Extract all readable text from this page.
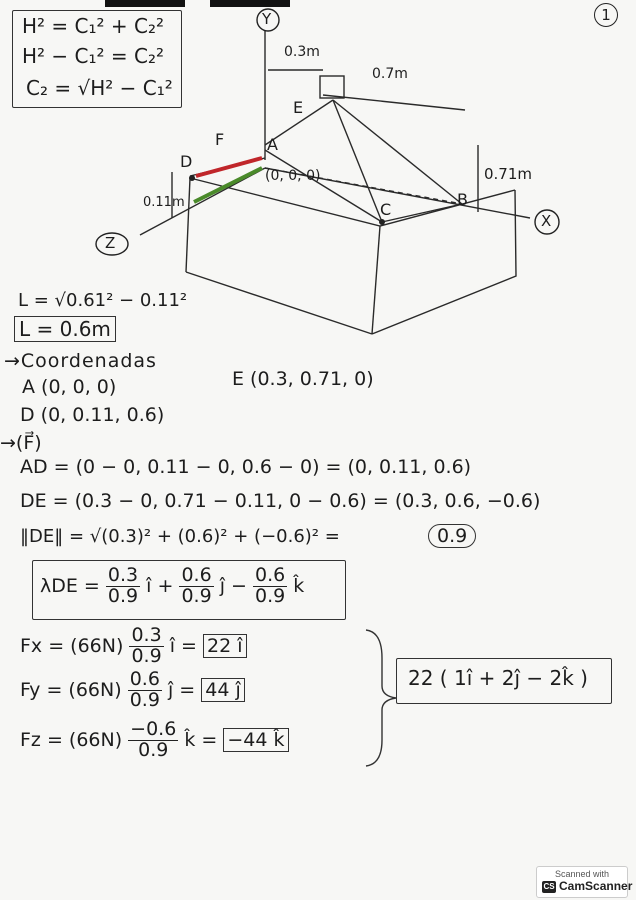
1
H² = C₁² + C₂²
H² − C₁² = C₂²
C₂ = √H² − C₁²
Y
X
Z
0.3m
0.7m
0.71m
0.11m
E
F	A
D
C
B
(0, 0, 0)
L = √0.61² − 0.11²
L = 0.6m
→Coordenadas
A (0, 0, 0)
D (0, 0.11, 0.6)
E (0.3, 0.71, 0)
→(F⃗)
AD = (0 − 0, 0.11 − 0, 0.6 − 0) = (0, 0.11, 0.6)
DE = (0.3 − 0, 0.71 − 0.11, 0 − 0.6) = (0.3, 0.6, −0.6)
‖DE‖ = √(0.3)² + (0.6)² + (−0.6)² =	0.9
$\lambda DE = \frac{0.3}{0.9}$ î + $\frac{0.6}{0.9}$ ĵ − $\frac{0.6}{0.9}$ k̂
$Fx = (66N) \frac{0.3}{0.9}$ î = 22 î
$Fy = (66N) \frac{0.6}{0.9}$ ĵ = 44 ĵ
$Fz = (66N) \frac{-0.6}{0.9}$ k̂ = −44 k̂
22 ( 1î + 2ĵ − 2k̂ )
Scanned with
CS CamScanner
